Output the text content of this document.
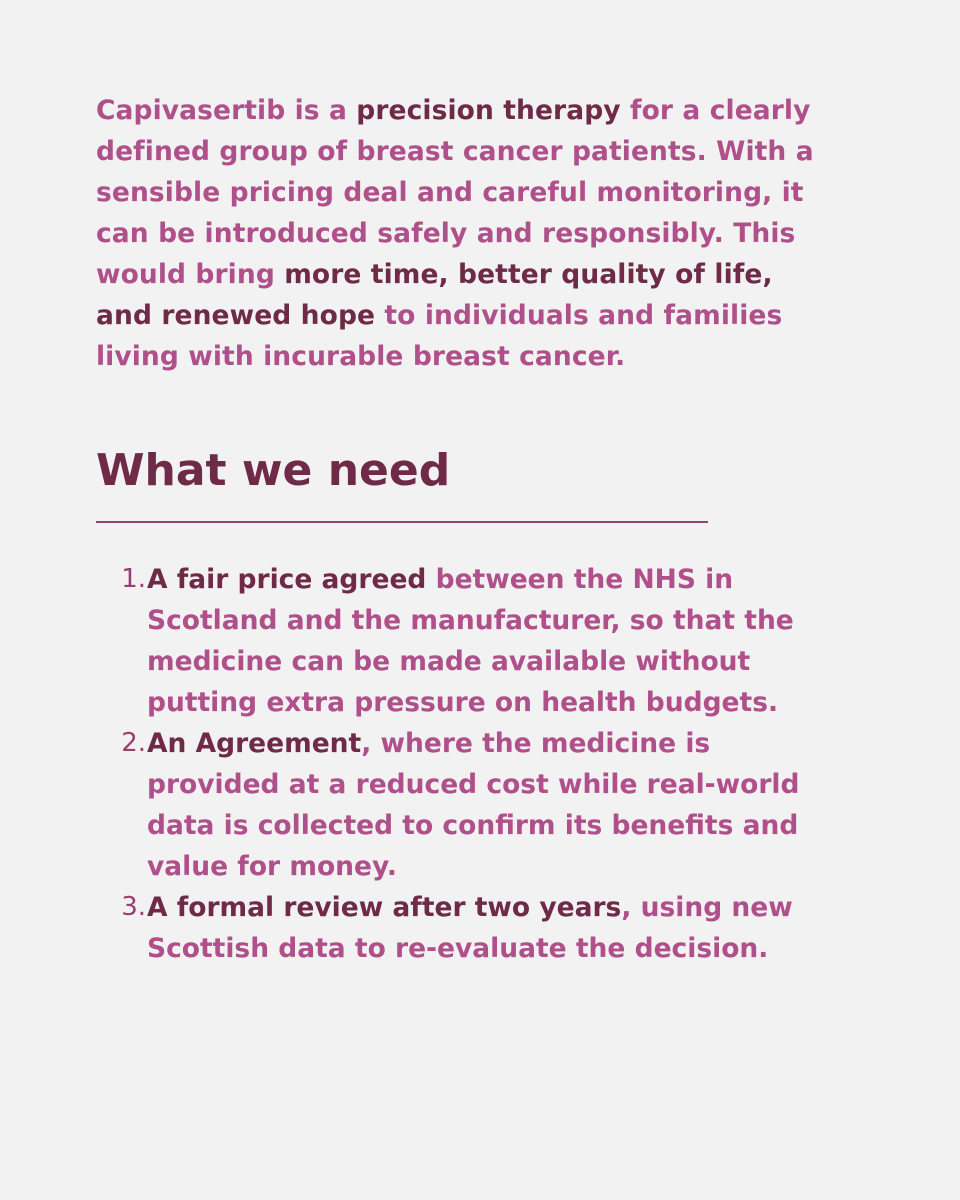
Capivasertib is a precision therapy for a clearly defined group of breast cancer patients. With a sensible pricing deal and careful monitoring, it can be introduced safely and responsibly. This would bring more time, better quality of life, and renewed hope to individuals and families living with incurable breast cancer.

What we need
1. A fair price agreed between the NHS in Scotland and the manufacturer, so that the medicine can be made available without putting extra pressure on health budgets.
2. An Agreement, where the medicine is provided at a reduced cost while real-world data is collected to confirm its benefits and value for money.
3. A formal review after two years, using new Scottish data to re-evaluate the decision.
